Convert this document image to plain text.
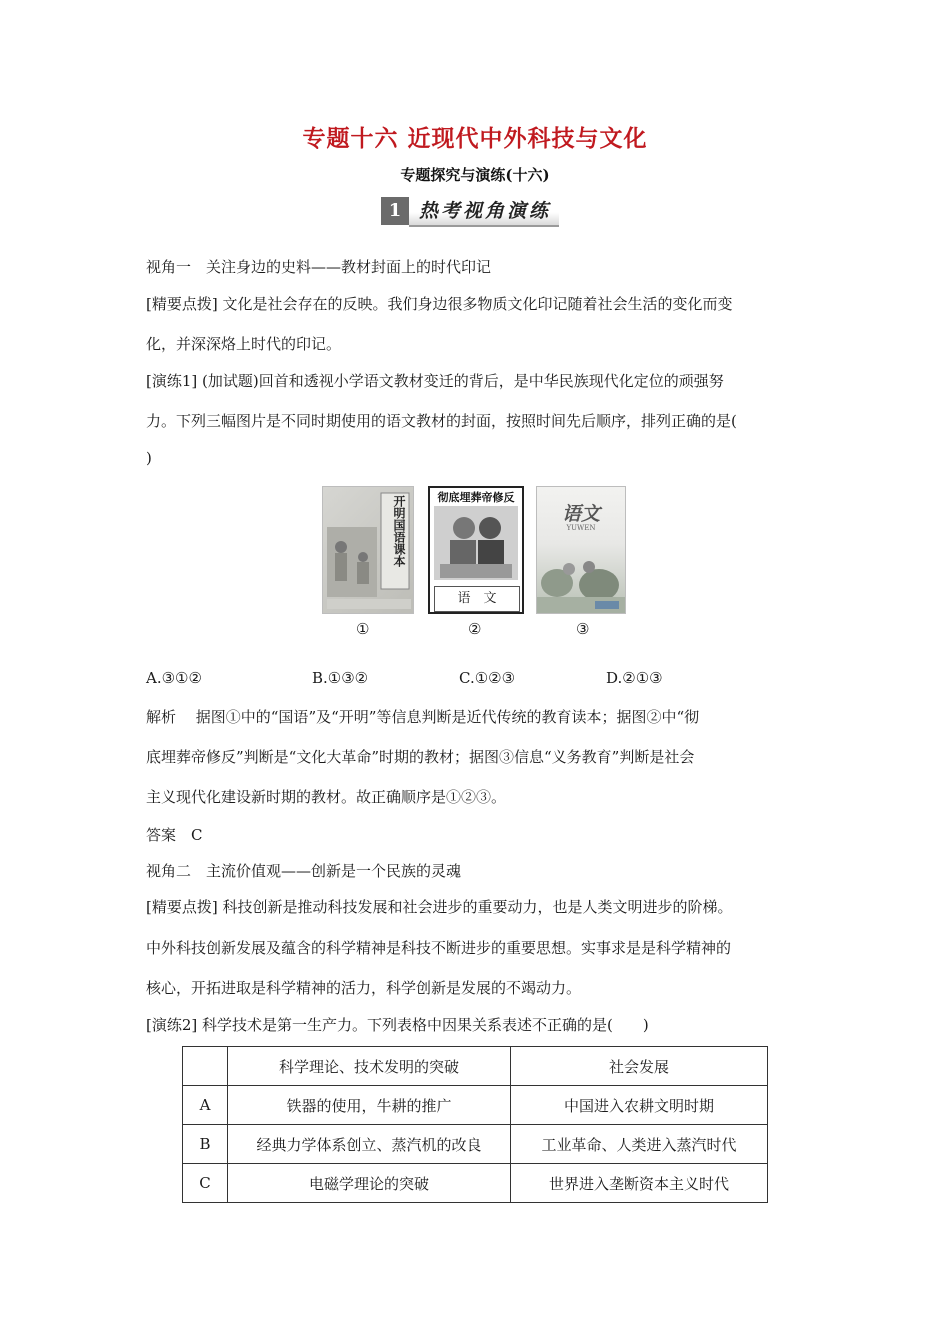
专题十六 近现代中外科技与文化
专题探究与演练(十六)
1 热考视角演练
视角一　关注身边的史料——教材封面上的时代印记
[精要点拨] 文化是社会存在的反映。我们身边很多物质文化印记随着社会生活的变化而变
化，并深深烙上时代的印记。
[演练1] (加试题)回首和透视小学语文教材变迁的背后，是中华民族现代化定位的顽强努
力。下列三幅图片是不同时期使用的语文教材的封面，按照时间先后顺序，排列正确的是(
)
开明国语课本	彻底埋葬帝修反
语　文
语文
YUWEN
①	②	③
A.③①②	B.①③②	C.①②③	D.②①③
解析　 据图①中的“国语”及“开明”等信息判断是近代传统的教育读本；据图②中“彻
底埋葬帝修反”判断是“文化大革命”时期的教材；据图③信息“义务教育”判断是社会
主义现代化建设新时期的教材。故正确顺序是①②③。
答案　C
视角二　主流价值观——创新是一个民族的灵魂
[精要点拨] 科技创新是推动科技发展和社会进步的重要动力，也是人类文明进步的阶梯。
中外科技创新发展及蕴含的科学精神是科技不断进步的重要思想。实事求是是科学精神的
核心，开拓进取是科学精神的活力，科学创新是发展的不竭动力。
[演练2] 科学技术是第一生产力。下列表格中因果关系表述不正确的是(　　)
	科学理论、技术发明的突破	社会发展
A	铁器的使用，牛耕的推广	中国进入农耕文明时期
B	经典力学体系创立、蒸汽机的改良	工业革命、人类进入蒸汽时代
C	电磁学理论的突破	世界进入垄断资本主义时代
